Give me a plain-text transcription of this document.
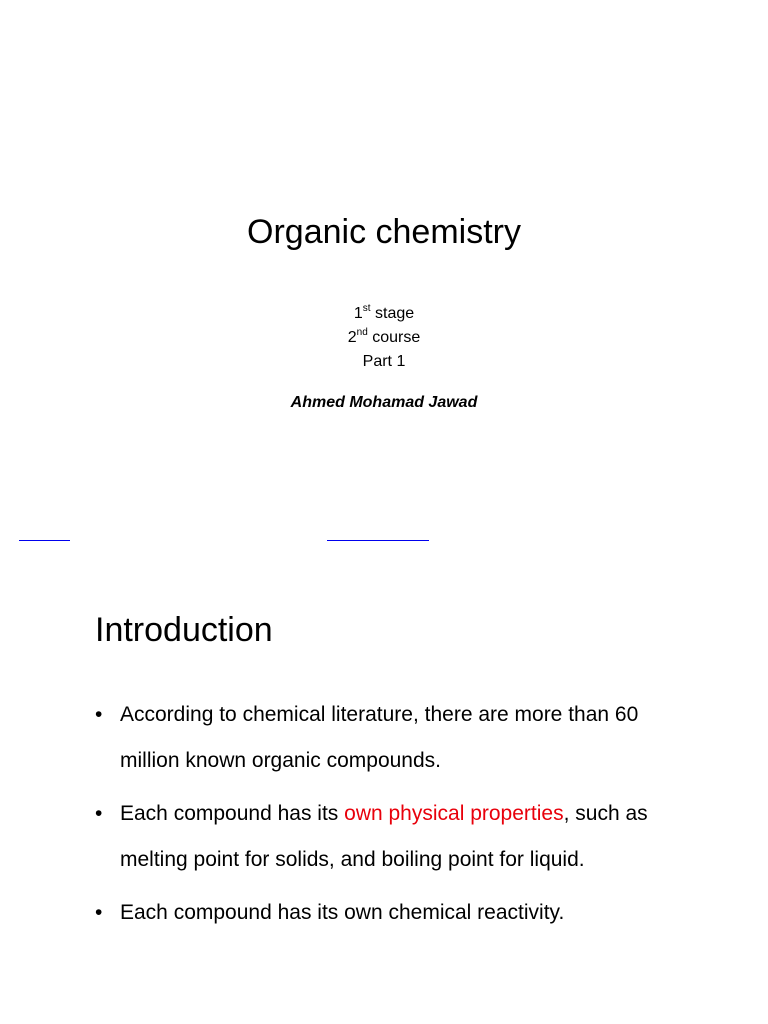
Organic chemistry
1st stage
2nd course
Part 1
Ahmed Mohamad Jawad
Introduction
• According to chemical literature, there are more than 60 million known organic compounds.
• Each compound has its own physical properties, such as melting point for solids, and boiling point for liquid.
• Each compound has its own chemical reactivity.
